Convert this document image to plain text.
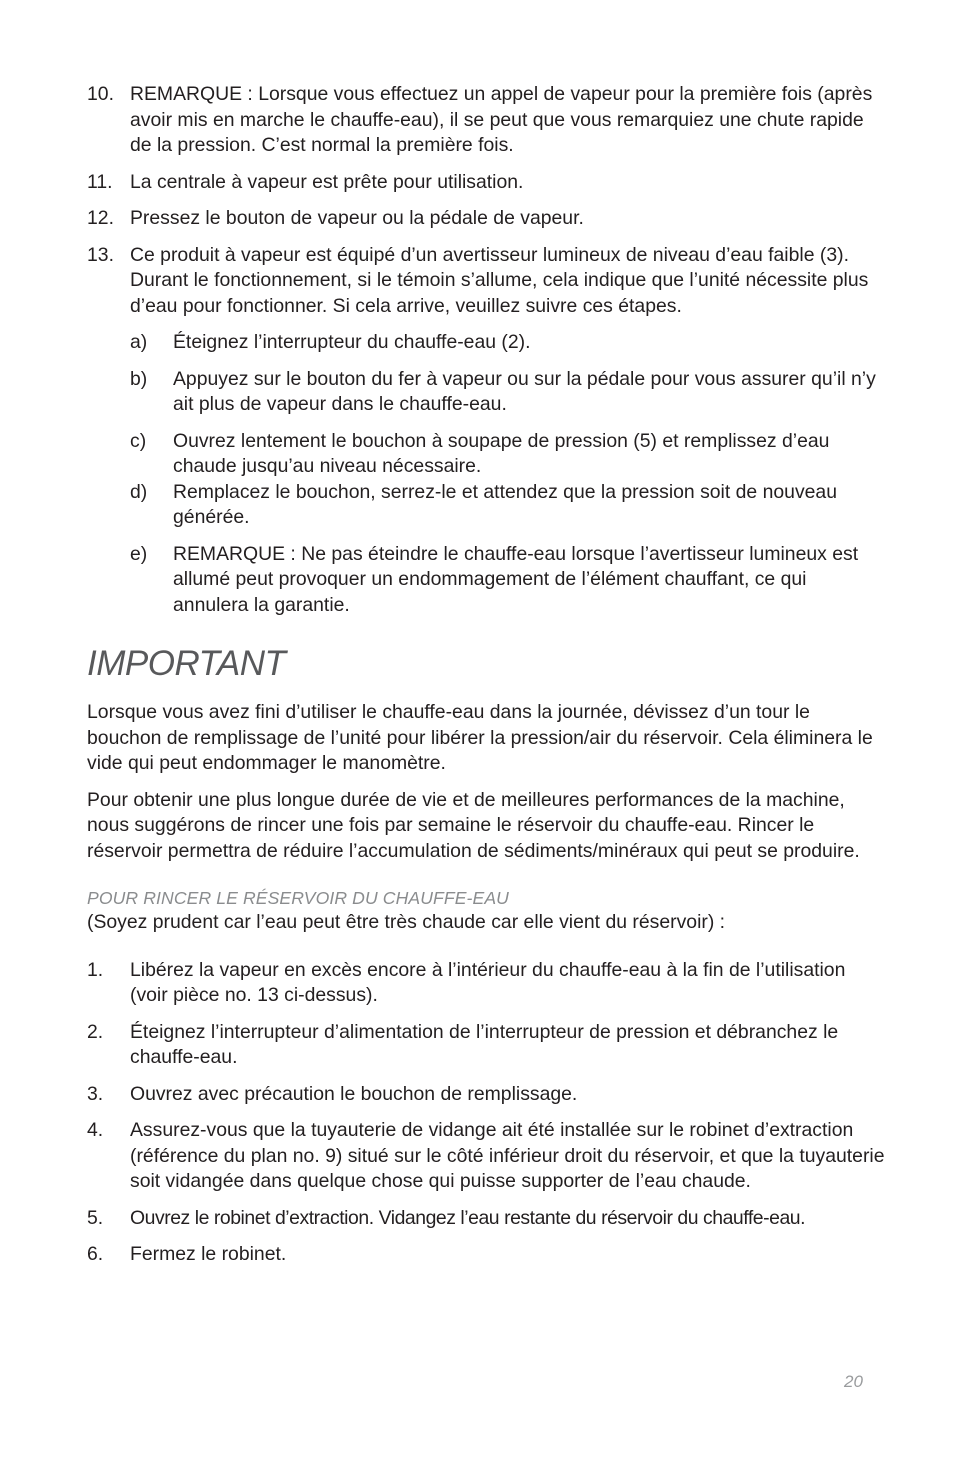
10. REMARQUE : Lorsque vous effectuez un appel de vapeur pour la première fois (après avoir mis en marche le chauffe-eau), il se peut que vous remarquiez une chute rapide de la pression. C’est normal la première fois.
11. La centrale à vapeur est prête pour utilisation.
12. Pressez le bouton de vapeur ou la pédale de vapeur.
13. Ce produit à vapeur est équipé d’un avertisseur lumineux de niveau d’eau faible (3). Durant le fonctionnement, si le témoin s’allume, cela indique que l’unité nécessite plus d’eau pour fonctionner. Si cela arrive, veuillez suivre ces étapes.
a)	Éteignez l’interrupteur du chauffe-eau (2).
b)	Appuyez sur le bouton du fer à vapeur ou sur la pédale pour vous assurer qu’il n’y ait plus de vapeur dans le chauffe-eau.
c)	Ouvrez lentement le bouchon à soupape de pression (5) et remplissez d’eau chaude jusqu’au niveau nécessaire.
d)	Remplacez le bouchon, serrez-le et attendez que la pression soit de nouveau générée.
e)	REMARQUE : Ne pas éteindre le chauffe-eau lorsque l’avertisseur lumineux est allumé peut provoquer un endommagement de l’élément chauffant, ce qui annulera la garantie.
IMPORTANT

Lorsque vous avez fini d’utiliser le chauffe-eau dans la journée, dévissez d’un tour le bouchon de remplissage de l’unité pour libérer la pression/air du réservoir. Cela éliminera le vide qui peut endommager le manomètre.

Pour obtenir une plus longue durée de vie et de meilleures performances de la machine, nous suggérons de rincer une fois par semaine le réservoir du chauffe-eau. Rincer le réservoir permettra de réduire l’accumulation de sédiments/minéraux qui peut se produire.

POUR RINCER LE RÉSERVOIR DU CHAUFFE-EAU

(Soyez prudent car l’eau peut être très chaude car elle vient du réservoir) :

1.	Libérez la vapeur en excès encore à l’intérieur du chauffe-eau à la fin de l’utilisation (voir pièce no. 13 ci-dessus).
2.	Éteignez l’interrupteur d’alimentation de l’interrupteur de pression et débranchez le chauffe-eau.
3.	Ouvrez avec précaution le bouchon de remplissage.
4.	Assurez-vous que la tuyauterie de vidange ait été installée sur le robinet d’extraction (référence du plan no. 9) situé sur le côté inférieur droit du réservoir, et que la tuyauterie soit vidangée dans quelque chose qui puisse supporter de l’eau chaude.
5.	Ouvrez le robinet d’extraction. Vidangez l’eau restante du réservoir du chauffe-eau.
6.	Fermez le robinet.
20
